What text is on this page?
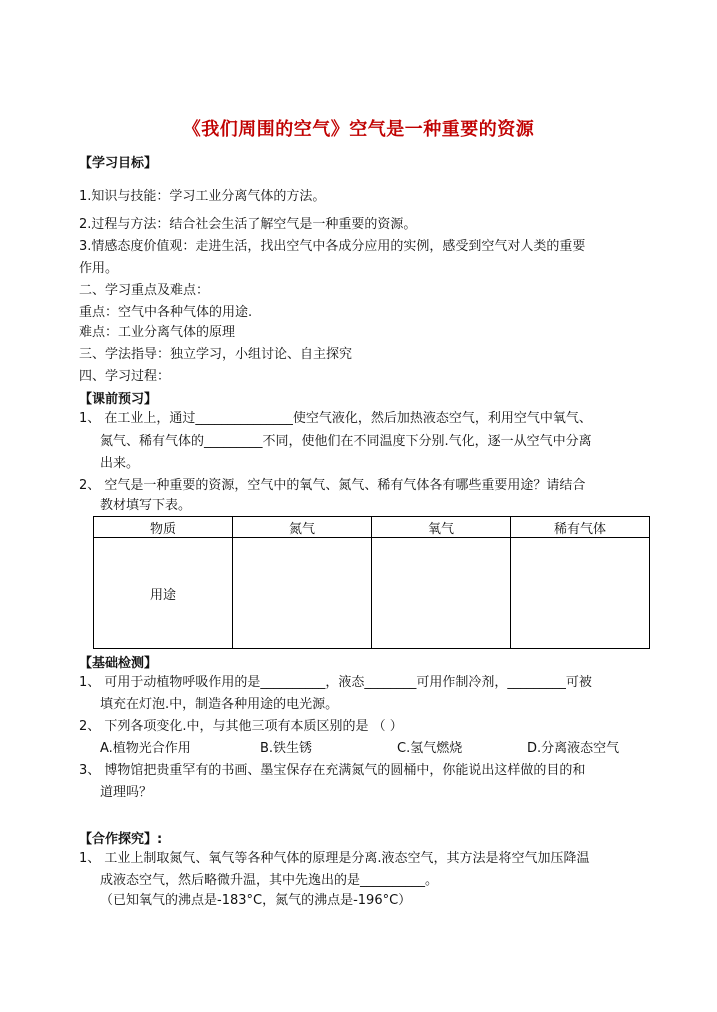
《我们周围的空气》空气是一种重要的资源
【学习目标】
1.知识与技能：学习工业分离气体的方法。
2.过程与方法：结合社会生活了解空气是一种重要的资源。
3.情感态度价值观：走进生活，找出空气中各成分应用的实例，感受到空气对人类的重要
作用。
二、学习重点及难点：
重点：空气中各种气体的用途.
难点：工业分离气体的原理
三、学法指导：独立学习，小组讨论、自主探究
四、学习过程：
【课前预习】
1、 在工业上，通过_______________使空气液化，然后加热液态空气，利用空气中氧气、
氮气、稀有气体的_________不同，使他们在不同温度下分别.气化，逐一从空气中分离
出来。
2、 空气是一种重要的资源，空气中的氧气、氮气、稀有气体各有哪些重要用途？请结合
教材填写下表。
物质	氮气	氧气	稀有气体
用途			
【基础检测】
1、 可用于动植物呼吸作用的是__________，液态________可用作制冷剂，_________可被
填充在灯泡.中，制造各种用途的电光源。
2、 下列各项变化.中，与其他三项有本质区别的是 （ ）
A.植物光合作用	B.铁生锈	C.氢气燃烧	D.分离液态空气
3、 博物馆把贵重罕有的书画、墨宝保存在充满氮气的圆桶中，你能说出这样做的目的和
道理吗？
【合作探究】:
1、 工业上制取氮气、氧气等各种气体的原理是分离.液态空气，其方法是将空气加压降温
成液态空气，然后略微升温，其中先逸出的是__________。
（已知氧气的沸点是-183°C，氮气的沸点是-196°C）
